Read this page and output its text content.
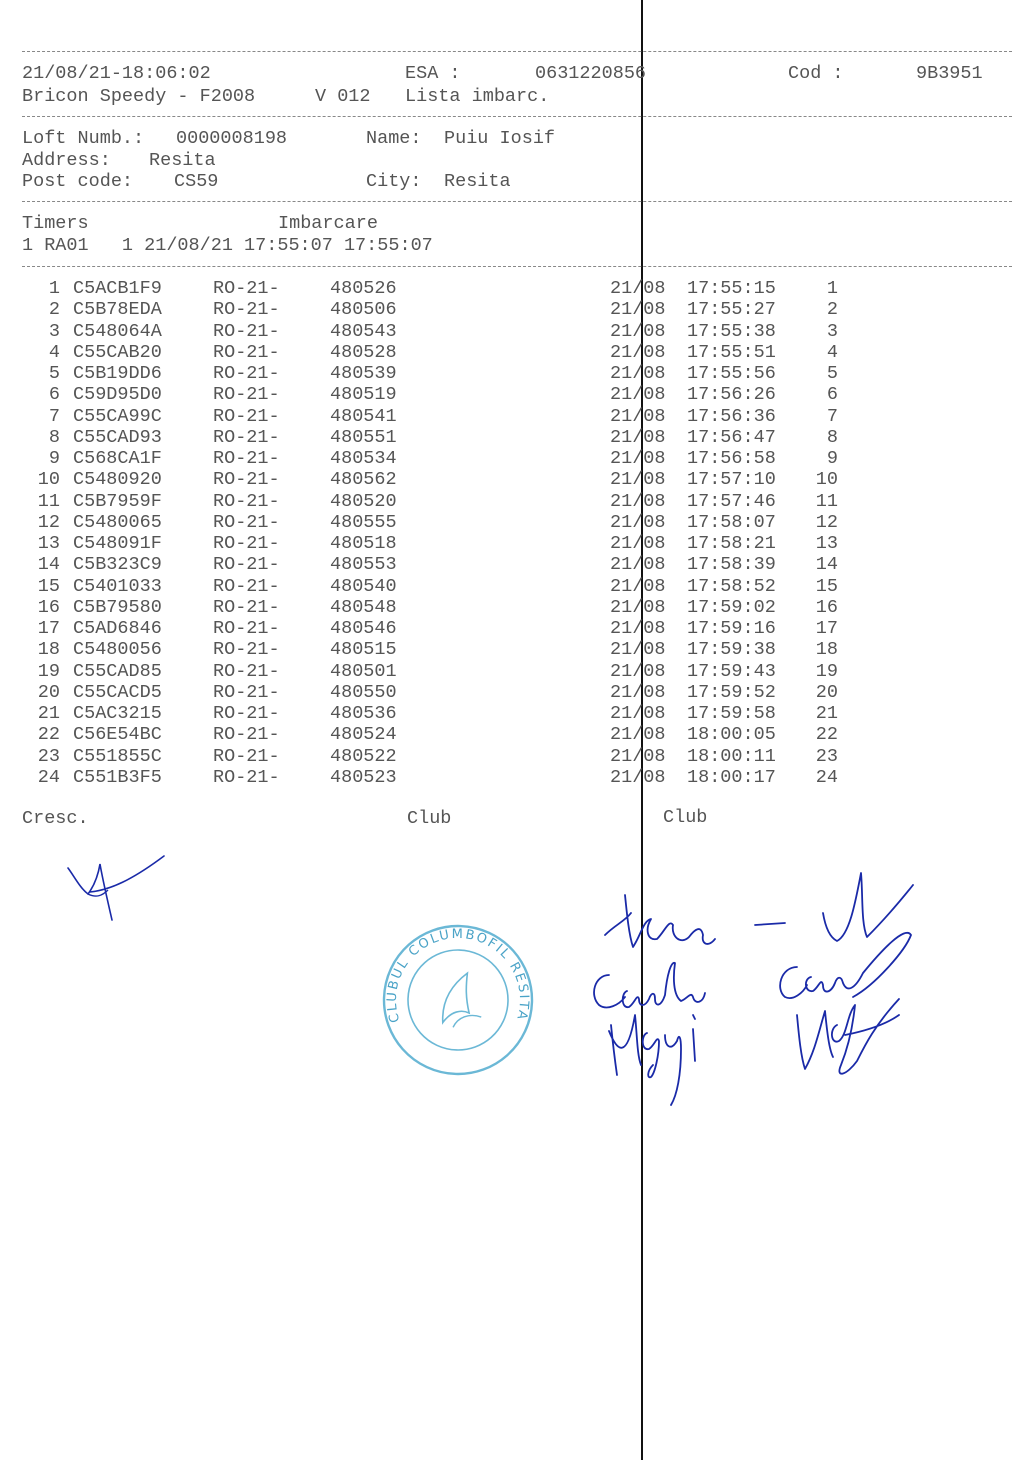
21/08/21-18:06:02	ESA :	0631220856	Cod :	9B3951
Bricon Speedy - F2008	V 012 Lista imbarc.
Loft Numb.: 0000008198	Name: Puiu Iosif
Address: Resita
Post code: CS59	City: Resita
Timers	Imbarcare
1 RA01   1 21/08/21 17:55:07 17:55:07
1 C5ACB1F9	RO-21-	480526	21/08 17:55:15	1
2 C5B78EDA	RO-21-	480506	21/08 17:55:27	2
3 C548064A	RO-21-	480543	21/08 17:55:38	3
4 C55CAB20	RO-21-	480528	21/08 17:55:51	4
5 C5B19DD6	RO-21-	480539	21/08 17:55:56	5
6 C59D95D0	RO-21-	480519	21/08 17:56:26	6
7 C55CA99C	RO-21-	480541	21/08 17:56:36	7
8 C55CAD93	RO-21-	480551	21/08 17:56:47	8
9 C568CA1F	RO-21-	480534	21/08 17:56:58	9
10 C5480920	RO-21-	480562	21/08 17:57:10 10
11 C5B7959F	RO-21-	480520	21/08 17:57:46 11
12 C5480065	RO-21-	480555	21/08 17:58:07 12
13 C548091F	RO-21-	480518	21/08 17:58:21 13
14 C5B323C9	RO-21-	480553	21/08 17:58:39 14
15 C5401033	RO-21-	480540	21/08 17:58:52 15
16 C5B79580	RO-21-	480548	21/08 17:59:02 16
17 C5AD6846	RO-21-	480546	21/08 17:59:16 17
18 C5480056	RO-21-	480515	21/08 17:59:38 18
19 C55CAD85	RO-21-	480501	21/08 17:59:43 19
20 C55CACD5	RO-21-	480550	21/08 17:59:52 20
21 C5AC3215	RO-21-	480536	21/08 17:59:58 21
22 C56E54BC	RO-21-	480524	21/08 18:00:05 22
23 C551855C	RO-21-	480522	21/08 18:00:11 23
24 C551B3F5	RO-21-	480523	21/08 18:00:17 24
Cresc.	Club	Club
CLUBUL COLUMBOFIL RESITA
